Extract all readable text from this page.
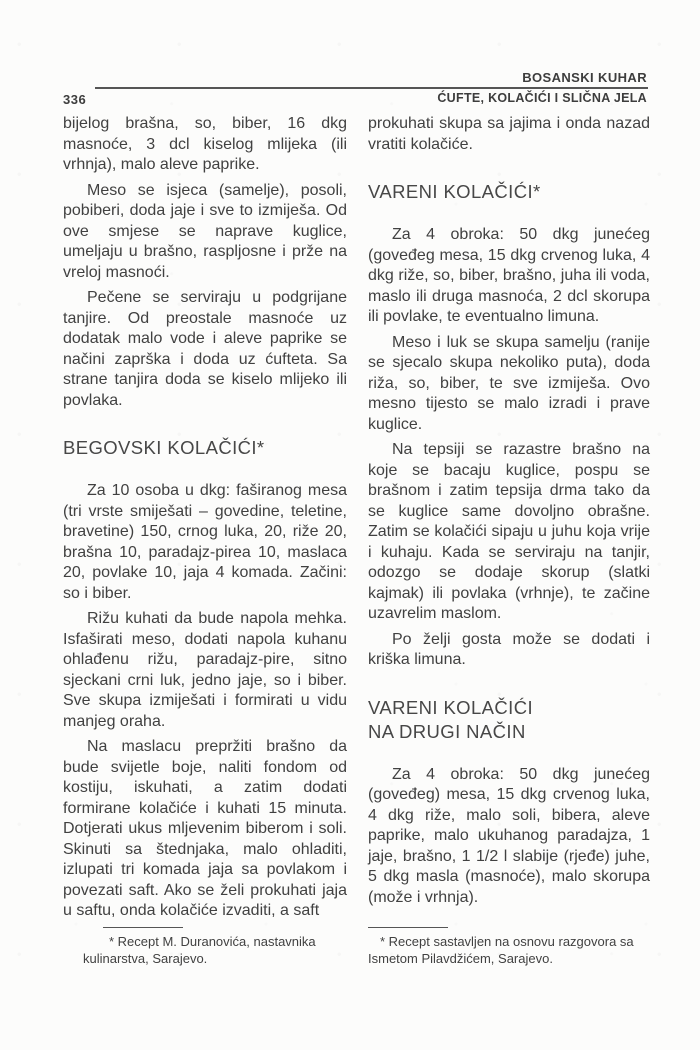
BOSANSKI KUHAR
336	ĆUFTE, KOLAČIĆI I SLIČNA JELA

bijelog brašna, so, biber, 16 dkg masnoće, 3 dcl kiselog mlijeka (ili vrhnja), malo aleve paprike.

Meso se isjeca (samelje), posoli, pobiberi, doda jaje i sve to izmiješa. Od ove smjese se naprave kuglice, umeljaju u brašno, raspljosne i prže na vreloj masnoći.

Pečene se serviraju u podgrijane tanjire. Od preostale masnoće uz dodatak malo vode i aleve paprike se načini zaprška i doda uz ćufteta. Sa strane tanjira doda se kiselo mlijeko ili povlaka.

BEGOVSKI KOLAČIĆI*

Za 10 osoba u dkg: faširanog mesa (tri vrste smiješati – govedine, teletine, bravetine) 150, crnog luka, 20, riže 20, brašna 10, paradajz-pirea 10, maslaca 20, povlake 10, jaja 4 komada. Začini: so i biber.

Rižu kuhati da bude napola mehka. Isfaširati meso, dodati napola kuhanu ohlađenu rižu, paradajz-pire, sitno sjeckani crni luk, jedno jaje, so i biber. Sve skupa izmiješati i formirati u vidu manjeg oraha.

Na maslacu prepržiti brašno da bude svijetle boje, naliti fondom od kostiju, iskuhati, a zatim dodati formirane kolačiće i kuhati 15 minuta. Dotjerati ukus mljevenim biberom i soli. Skinuti sa štednjaka, malo ohladiti, izlupati tri komada jaja sa povlakom i povezati saft. Ako se želi prokuhati jaja u saftu, onda kolačiće izvaditi, a saft

* Recept M. Duranovića, nastavnika kulinarstva, Sarajevo.

prokuhati skupa sa jajima i onda nazad vratiti kolačiće.

VARENI KOLAČIĆI*

Za 4 obroka: 50 dkg junećeg (goveđeg mesa, 15 dkg crvenog luka, 4 dkg riže, so, biber, brašno, juha ili voda, maslo ili druga masnoća, 2 dcl skorupa ili povlake, te eventualno limuna.

Meso i luk se skupa samelju (ranije se sjecalo skupa nekoliko puta), doda riža, so, biber, te sve izmiješa. Ovo mesno tijesto se malo izradi i prave kuglice.

Na tepsiji se razastre brašno na koje se bacaju kuglice, pospu se brašnom i zatim tepsija drma tako da se kuglice same dovoljno obrašne. Zatim se kolačići sipaju u juhu koja vrije i kuhaju. Kada se serviraju na tanjir, odozgo se dodaje skorup (slatki kajmak) ili povlaka (vrhnje), te začine uzavrelim maslom.

Po želji gosta može se dodati i kriška limuna.

VARENI KOLAČIĆI
NA DRUGI NAČIN

Za 4 obroka: 50 dkg junećeg (goveđeg) mesa, 15 dkg crvenog luka, 4 dkg riže, malo soli, bibera, aleve paprike, malo ukuhanog paradajza, 1 jaje, brašno, 1 1/2 l slabije (rjeđe) juhe, 5 dkg masla (masnoće), malo skorupa (može i vrhnja).

* Recept sastavljen na osnovu razgovora sa Ismetom Pilavdžićem, Sarajevo.
